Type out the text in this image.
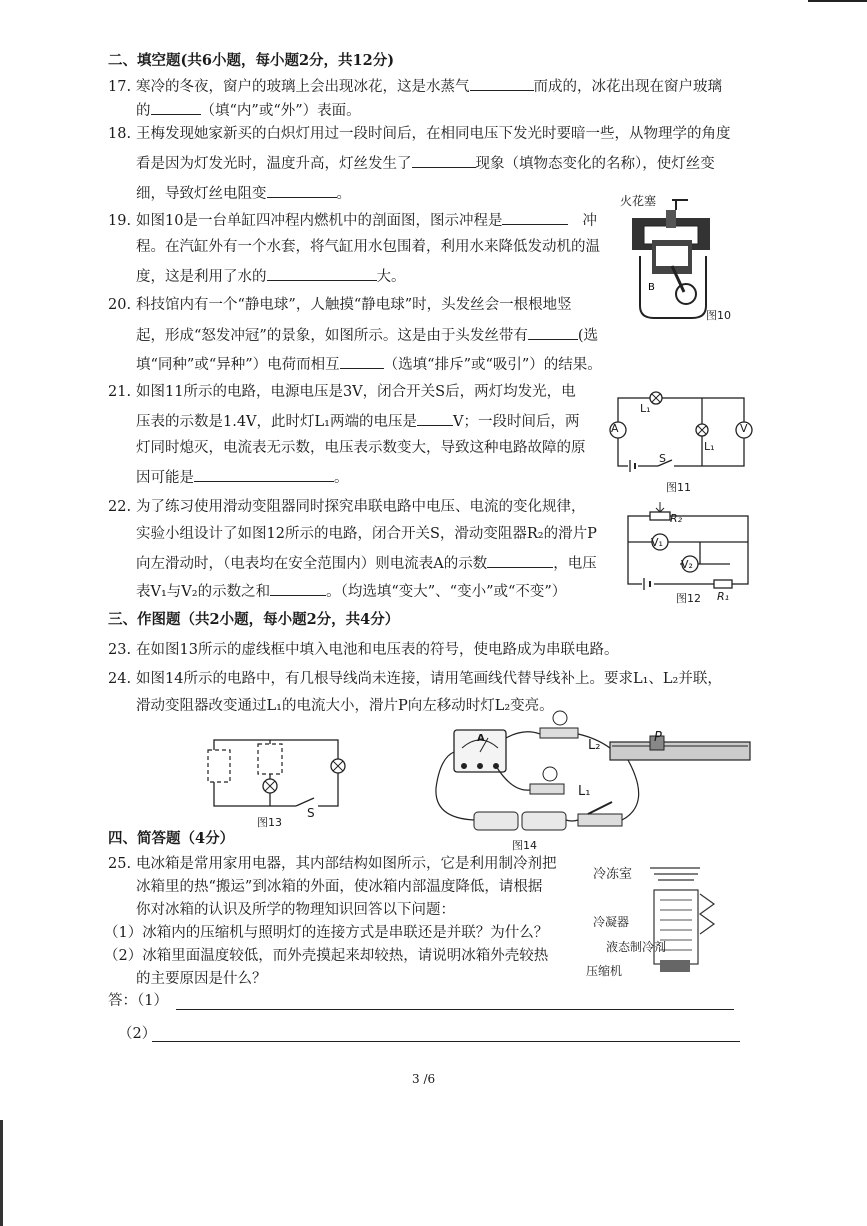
二、填空题(共6小题，每小题2分，共12分)
17. 寒冷的冬夜，窗户的玻璃上会出现冰花，这是水蒸气	而成的，冰花出现在窗户玻璃
的	（填“内”或“外”）表面。
18. 王梅发现她家新买的白炽灯用过一段时间后，在相同电压下发光时要暗一些，从物理学的角度
看是因为灯发光时，温度升高，灯丝发生了	现象（填物态变化的名称），使灯丝变
细，导致灯丝电阻变	。
19. 如图10是一台单缸四冲程内燃机中的剖面图，图示冲程是	冲
程。在汽缸外有一个水套，将气缸用水包围着，利用水来降低发动机的温
度，这是利用了水的	大。
火花塞
B
图10
20. 科技馆内有一个“静电球”，人触摸“静电球”时，头发丝会一根根地竖
起，形成“怒发冲冠”的景象，如图所示。这是由于头发丝带有	(选
填“同种”或“异种”）电荷而相互	（选填“排斥”或“吸引”）的结果。
21. 如图11所示的电路，电源电压是3V，闭合开关S后，两灯均发光，电
压表的示数是1.4V，此时灯L₁两端的电压是 V；一段时间后，两
灯同时熄灭，电流表无示数，电压表示数变大，导致这种电路故障的原
因可能是	。
A	V
L₁
L₁
S
图11
22. 为了练习使用滑动变阻器同时探究串联电路中电压、电流的变化规律，
实验小组设计了如图12所示的电路，闭合开关S，滑动变阻器R₂的滑片P
向左滑动时，（电表均在安全范围内）则电流表A的示数	，电压
表V₁与V₂的示数之和	。（均选填“变大”、“变小”或“不变”）
R₂
V₁
V₂
图12 R₁
三、作图题（共2小题，每小题2分，共4分）
23. 在如图13所示的虚线框中填入电池和电压表的符号，使电路成为串联电路。
24. 如图14所示的电路中，有几根导线尚未连接，请用笔画线代替导线补上。要求L₁、L₂并联，
滑动变阻器改变通过L₁的电流大小，滑片P向左移动时灯L₂变亮。
图13
S
A	L₂
P
L₁
图14
四、简答题（4分）
25. 电冰箱是常用家用电器，其内部结构如图所示，它是利用制冷剂把
冰箱里的热“搬运”到冰箱的外面，使冰箱内部温度降低，请根据
你对冰箱的认识及所学的物理知识回答以下问题：
（1）冰箱内的压缩机与照明灯的连接方式是串联还是并联？为什么？
（2）冰箱里面温度较低，而外壳摸起来却较热，请说明冰箱外壳较热
的主要原因是什么？
冷冻室
冷凝器
液态制冷剂
压缩机
答：（1）
（2）
3 /6
